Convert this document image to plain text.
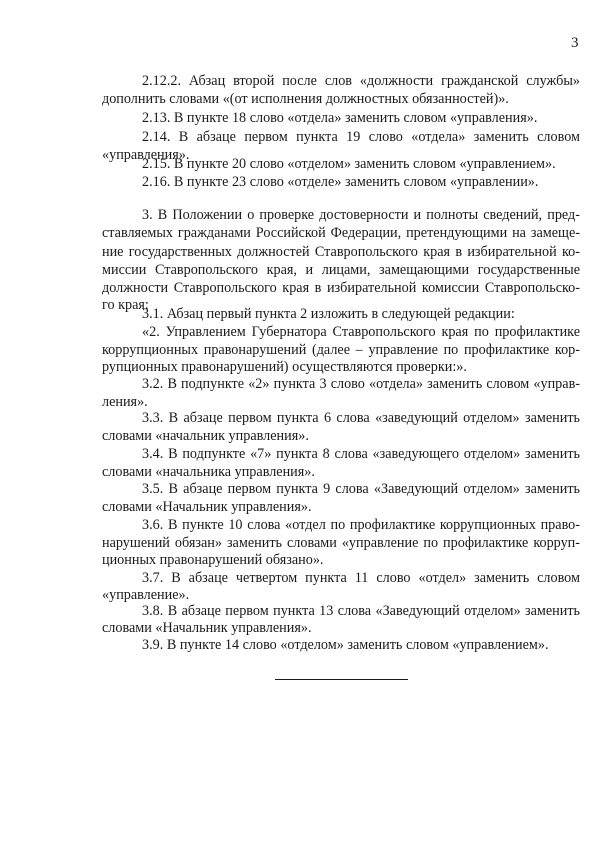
3

2.12.2. Абзац второй после слов «должности гражданской службы»

дополнить словами «(от исполнения должностных обязанностей)».

2.13. В пункте 18 слово «отдела» заменить словом «управления».

2.14. В абзаце первом пункта 19 слово «отдела» заменить словом

«управления».

2.15. В пункте 20 слово «отделом» заменить словом «управлением».

2.16. В пункте 23 слово «отделе» заменить словом «управлении».

3. В Положении о проверке достоверности и полноты сведений, пред-

ставляемых гражданами Российской Федерации, претендующими на замеще-

ние государственных должностей Ставропольского края в избирательной ко-

миссии Ставропольского края, и лицами, замещающими государственные

должности Ставропольского края в избирательной комиссии Ставропольско-

го края:

3.1. Абзац первый пункта 2 изложить в следующей редакции:

«2. Управлением Губернатора Ставропольского края по профилактике

коррупционных правонарушений (далее – управление по профилактике кор-

рупционных правонарушений) осуществляются проверки:».

3.2. В подпункте «2» пункта 3 слово «отдела» заменить словом «управ-

ления».

3.3. В абзаце первом пункта 6 слова «заведующий отделом» заменить

словами «начальник управления».

3.4. В подпункте «7» пункта 8 слова «заведующего отделом» заменить

словами «начальника управления».

3.5. В абзаце первом пункта 9 слова «Заведующий отделом» заменить

словами «Начальник управления».

3.6. В пункте 10 слова «отдел по профилактике коррупционных право-

нарушений обязан» заменить словами «управление по профилактике корруп-

ционных правонарушений обязано».

3.7. В абзаце четвертом пункта 11 слово «отдел» заменить словом

«управление».

3.8. В абзаце первом пункта 13 слова «Заведующий отделом» заменить

словами «Начальник управления».

3.9. В пункте 14 слово «отделом» заменить словом «управлением».
